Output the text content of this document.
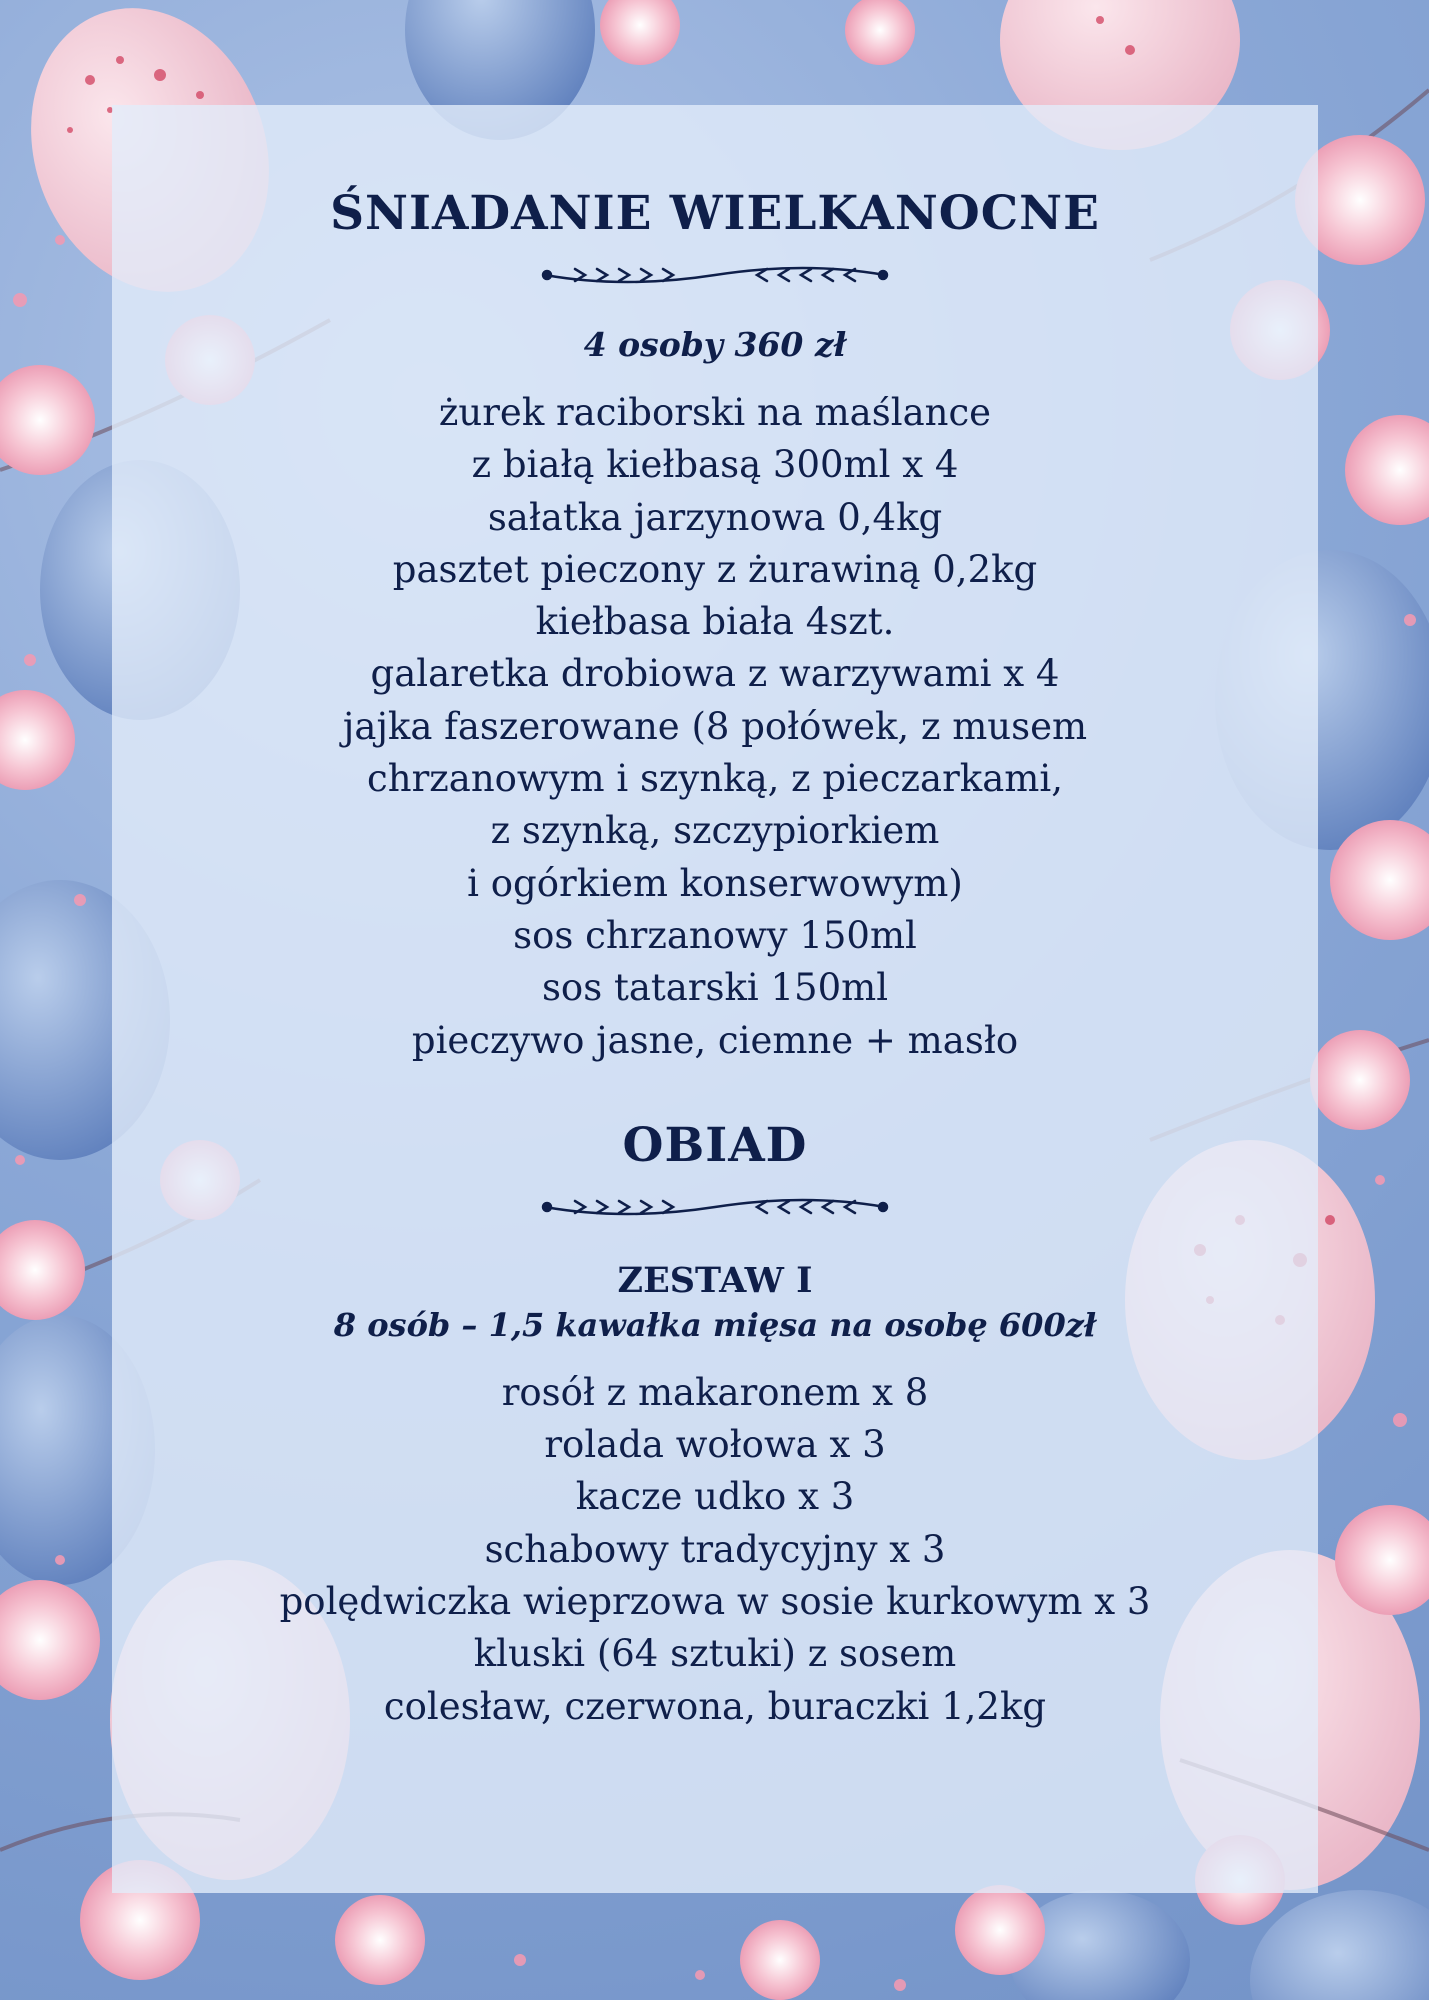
ŚNIADANIE WIELKANOCNE
4 osoby 360 zł
żurek raciborski na maślance
z białą kiełbasą 300ml x 4
sałatka jarzynowa 0,4kg
pasztet pieczony z żurawiną 0,2kg
kiełbasa biała 4szt.
galaretka drobiowa z warzywami x 4
jajka faszerowane (8 połówek, z musem
chrzanowym i szynką, z pieczarkami,
z szynką, szczypiorkiem
i ogórkiem konserwowym)
sos chrzanowy 150ml
sos tatarski 150ml
pieczywo jasne, ciemne + masło
OBIAD
ZESTAW I
8 osób – 1,5 kawałka mięsa na osobę 600zł
rosół z makaronem x 8
rolada wołowa x 3
kacze udko x 3
schabowy tradycyjny x 3
polędwiczka wieprzowa w sosie kurkowym x 3
kluski (64 sztuki) z sosem
colesław, czerwona, buraczki 1,2kg
